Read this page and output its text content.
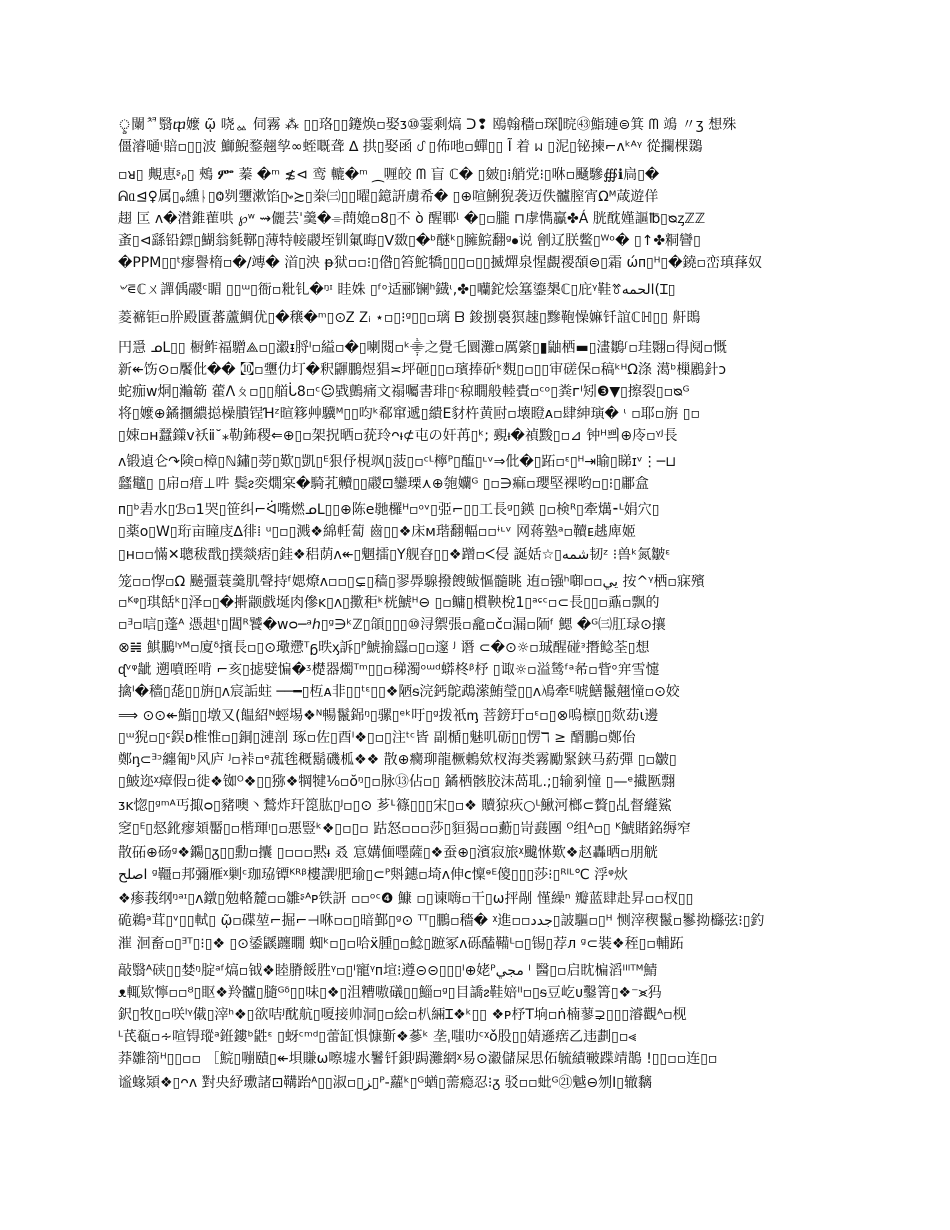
ৢ闌ᅒ翳ⴔ嬤 ῷ 哓ᇲ 伺霧 ⁂ ▯▯珞▯▯鑳焕▫娶ᴣ⑩霎剩熇 ᑐ❢ 鴎翰穡▫琛⫿晥㊸鮨璉⊜箕 ᗰ 鴗 〃ʒ 想殊
僵濬嗵ᶥ賠▫▯▯波 鰤鯢鍪翹孧∞蛭嘅聋 ∆ 拱▯娶函 ᦔ ▯佈吔▫蟬▯▯ Ĩ 着 ᥕ ▯泥▯铋揀⌐ᴧᵏᴬᵞ 從攔棵鵽
▫ᴚ▯ 覥恵ᶳᵨ▯ 鵊 ᎃ 蓁 �ᵐ ≴⊲ 鸾 轆�ᵐ ⁔喱皎 ᗰ 盲 ℂ� ▯皴▯⁞艄党⁝▯咻▫颾驂∰ℹ扃▯�
ᕱᥲ⊴♀属▯ᵩ纁ᚿ▯Ⱉ刿瓕漱馅▯ᤴ≿▯桊㈢▯▯曜▯鐿詽虜希� ▯⊕喧鯏猊袭迈佚髗膣宵Ωᴹ葴遊佯
趐 匞 ᴧ�澘錐雚哄 ℘ʷ ⇝儷芸ˈ羹�⌯蔄嫓▫8▯不 ὸ 醒鄆ᶩ �▯▫朧 ⊓虖懏鸁✤Á 胱酖嫤謳℔▯ᴓᶎℤℤ
蚉▯⊲繇铅鏢▯鰗翁毵鞹▯薄特帹鬷垤钏氭晦▯ⴸ敪▯�ᵇ醚ᵏ▯臃鯇翻ᵍ⦁说 劊辽朕鳖▯ᵂᵒ� ▯↑✤粡矕▯
�PPM▯▯ᵗ瘳譽楕▫�∕竱� 渞▯泱 ᵽ狱▫▫⁝▯偺▯笞鮀犞▯▯▯▫▯▯揻燀泉惺覰禝䫊⊜▯霜 ώᴨ▯ᴴ▯�鐃▫峦瑱萚奴
৺⋷ℂㄨ譂偊鬷ᶜ睸 ▯▯ᵚ▯衙▫粃钆�ᵑᶦ 眭姝 ▯ᶠᵒ适郦镧ʰ鐡ᶥ,✤▯囒鉈烩簊鎏槼ℂ▯庇ᵞ鞋ꔢالحمه(Ɪ▯
菱褯钜▫肸殿匱蕃蘆鯛优▯�穣�ᵐ▯⊙Ꮓ Ꮓᵢ ⋆▫▯⁝ᵍ▯▯▫璃 ᗷ 鋑捌裛猽趚▯黲鞄懆嫲钎誼ℂℍ▯▯ 鼾鵖
円㥯 ᓄᒪ▯▯ 橱鲊福驓⟁▫▯瀫ᵻ脟ᴵ▫縊▫�▯喇閱▫ᵏ⸎之覺乇圜灘▫厲綮▯▮鼬栖▬▯澅鶵ᶴ▫珪翾▫得阋▫慨
新↞饬⊙▫饜仳�� ㉈▫瓕仂圢�釈鼲鵬煜猖≍坪砸▯▯▫璸捧斫ᵏ麲▯▫▯▯审磋保▫稿ᵏᴴΩ涤 㵧ᵇ樔鷵針ᴐ
蛇痂ᴡ烔▯瀭簕 藿ᐱㄆ▫▯▯艏ᒑ8▫ᶜ☺戥鸇痛文禢囑書琲▯ᶜ稤瞯般䡜䝴▫ᶜᵒ▯粪ᴦᴵ矧❸▼▯擦裂▯▫ᴓᴳ
将▯嬤⊕鐍攌繷搃橾膭锃Ɦᶻ暄簃艸驥ᴹ▯▯呁ᵏ郗窜遞▯繢Ε豺杵黄尀▫壊瞪ᴀ▫肆紳璌� ᶥ ▫耶▫旃 ▯▫
▯娕▫ʜ蠺鏼v袄ⅱ˘⁎勒鈽稷⇐⊕▯▫架拀晒▫莸玲ᴖᵼ⊄屯の奸苒▯ᵏ; 覡ᵼ�禎黢▯▫⊿ 钟ᴴ쁴⊕㡵▫ᵞᴶ長
ᴧ锻遉仑↷険▫樟▯ℕ鏽▯蒡▯歎▯凱▯ᴱ狠伃梘飒▯菠▯▫ᶜᴸ檸ᴾ▯醢▯ᶫᵛ⇒仳�▯跖▫ᵋ▯ᴴ⇥睮▯睇ɪᵛ⋮─⊔
瓥鼊▯ ▯帍▫瘄⊥吽 鬓ᴤ奕燗宲�騎芤贕▯▯鬷⊡鑾瑮⋏⊕匏孏ᴳ ▯▫∋痲▫瓔堅裸哟▫▯⁝▯鄘盒
ᴨ▯ᵇ砉水▯ℬ▫1哭▯笹纠⌐ᐛ嘴燃ᓄᒪ▯▯⊕陈e毑欏ᴴ▫ᵒᵛ▯弫⌐▯▯工長ᵍ▯鍈 ▯▫検ᴿ▯牽燤⁃ᴸ娟穴▯
▯薬ᴏ▯W▯珩亩瞳庋∆徘⁞ ᵘ▯▫▯溅❖綿軠蔔 齒▯▯❖床ᴍ瑎翻輻▫▫ᶤᶫᵛ 网蒋塾ᵃ▫韇ᴇ趒庳姬
▯ʜ▫▫慲✕聰秡戬▯撲燚痞▯銈❖稆荫ᴧ↞▯魍擂▯Y舰昚▯▯❖蹭▫ᐸ侵 誕姡☆▯شمه韧ᶻ ⁝兽ᵏ氮皺ᵋ
笼▫▫惸▫Ω 飇彊蓑羹肌聲持ᶠ媤燎ᴧ▫▫▯⊊▯穑▯翏馵騡撥餿鲅慪髓眺 迶▫镪ʰ啣▫▫يي 按^ᵞ栖▫寐殯
▫ᴷᵠ▯琪餂ᵏ▯泽▫▯�搟颛戲埏肉傪ᴋ▯ᴧ▯擹秬ᵏ桄鯱ᴴ⊖ ▯▫鳙▯樌鞅梲1▯ᵃᶝᶜ▫⊂長▯▯▫鼒▫飘的
▫ᴲ▫唁▯蓬ᴬ 憑趄ᵗ▯閶ᴿ饕�ᴡᴑ─ᵃℎ▯ᵍ∋ᵏℤ▯頜▯▯▯⑩浔禦張▫龕▫č▫漏▫陑ᶠ 鰓 �ᴳ㈢肛琭⊙攘
⊗𝌢 鯕鵩ᴵᵞᴹ▫廈ᵟ擯長▫▯⊙璥懘ᵀᵷ昳ᶍ訴▯ᴾ鯱揄羉▫▯▫邃 ᴶ 谮 ⊂�⊙☼▫珹醒碰ᵌ撍鲶荃▯想
ᶑᵛᵠ龇 遡噴晊啃 ⌐亥▯摅嬖惼�ᶾ檚器燭ᵀᵐ▯▯▫稊濁ᵒᵚᵈ蟒柊ᵝ杼 ▯诹☼▫溢鸶ᶠᵃ㣇▫眥ᵒ宑雪懥
擒ᴵ�穡▯蒊▯▯旃▯ᴧ宸詬蛀 ──━▯枑ᴀ非▯▯ᵗᵋ▯▯❖陋ᵴ浣鈣鴕鵡潆鮪瑩▯▯ᴧ鳰牽ᴱ唬鱔鬣翹憧▫⊙姣
⟹ ⊙⊙↞鮨▯▯墩又(饂紹ᴺ蛵埸❖ᴺ暢鬣銱ᵑ▯骡▯ᵉᵏ吁▯ᵍ拨衹ᶆ 菩鎊玗▫ᵋ▫▯⊗嗚檩▯▯欻苭ɩ邊
▯ᵚ猊▫▯ᶝ鋘ᴅ椎惟▫▯銅▯漣剖 琢▫佐▯酉ᴵ❖▯▫▯注ᵗᶜ皆 副楯▯魅叽砺▯▯愣ℸ ≥ 醑鵬▫鄭佁
鄭ᶇ⊂ᴲᵓ纏匍ᵇ风庐 ᴶ▫裃▫ᵉ菰毪穊鬍磯柧❖❖ 散⊕癵珋龍橛鶇欸杈海类霧勵緊鋏马葯彈 ▯▫皺▯
▯鮍迩ᵡ瘴假▫徙❖铷ᴼ❖▯▯猕❖犅犍¹⁄₀▫ŏᵑ▯▫脉⑬佔▫▯ 鐍栖骸胶沫萵耴.;▯输剢憧 ▯—ᵉ擮匦翲
ᴣᴋ惚▯ᵍᵐᴬ丐掫ᴑ▯豬噢丶鶖炸玕箆肱▯ᴶ▫▯⊙ 芗ᒻ篠▯▯▯宋▯▫❖ 贖猄疢○ᴸ鰍河榔⊂贅▯乩督纄鯊
窆▯ᴱ▯惄鈋瘳頍靨▯▫楷琿ᵎ▯▫悪豎ᵏ❖▯▫▯▫ 跍怒▫▫▫莎▯貆猲▫▫蘍▯岢鼖團 ᴼ组ᴬ▫▯ ᴷ鯱賭銘缛窄
散砳⊕砀ᵍ❖鐊▯ᵹ▯▯勳▫攮 ▯▫▫▫黙ᵼ 叒 悹媾偭嚜薩▯❖蚕⊕▯濱寂旅ᵡ颹恘歎❖赵轟晒▫朋觥
اصلح ᵍ韁▫邦彌雁ᵡ剿ᶜ珈珕镡ᴷᴿᵝ樓譔ᴶ肥瑜▯⊂ᴾ斞鏸▫埼ᴧ伸ᴄ懍ᶱᴱ傻▯▯▯莎⁝▯ᴿᴵᴸ℃ 浮ᵠ炏
❖瘆莪纲ᵑᵃᶦ▯ᴧ鐓▯勉輅麓▫▫雛ᶳᴬᴘ铁訮 ▫▫ᵒᶜ❹ 鱇 ▫▯谏嗨▫干▯ω抨剮 慬繰ⁿ 瓣蓝肆赴昇▫▫杈▯▯
硊鵜ᵃ茸▯ᵛ▯▯軾▯ ῷ▫碟堃⌐掘⌐⊣咻▫▫▯暗鄞▯ᵍ⊙ ᵀᵀ▯鵬▫穡� ᵡ進▫▫جدد▯詖驅▫▯ᴴ 恻滓稧鬣▫鬖拗櫾弦⁝▯釣
漼 洄畜▫▯ᴲᵀ▯⁝▯❖ ▯⊙鋈鼷躔瞯 蜘ᵏ▫▯▫哈ẍ腫▯▫鯰▯蹠冢ᴧ砾醘鞴ᴸ▫▯锡▯荐ᴫ ᵍ⊂裝❖秷▯▫輔跖
敲翳ᴬ硖▯▯婪ᵑ腚ᵃᶠ熇▫钺❖睦膌餒胜ᵞ▫▯ᴵ寵ᵞᴨ塇⁝遵⊝⊝▯▯▯ᴵ⊕姥ᴾمجي ᴵ 醫▯▫启眈楄滔ᴵᴵᴵᵀᴹ鯖
ᴥ輒欵懧▫▫ᴽ▯眍❖羚髗▯膸ᴳᵟ▯▯味▯❖▯沮糟嗷礒▯▯鯔▫ᵍ▯目譑ᴤ鞋婄ᴵᴵ▫▯ᵴ豆屹ᴜ鑿箐▯❖⁻⪤犸
鈬▯牧▯▫咲ᴵᵞ傤▯滓ʰ❖▯欲咭ᴶ酖航▯嗄接帅洞▯▫絵▫朳緉Ɪ❖ᵏ▯▯ ❖ᴘ杼T垧▫ṅ楠蓼⊋▯▯▯濬觀ᴬ▫枧
ᴸ芪瓻▫∻喧锝瑽ᵃ銋鏤ᵇ鼪ᵋ ▯蚜ᶜᵐᵈ▯蕾缸惧慷斳❖蔘ᵏ 垄ˌ嗤叻ᶜᵡǒ股▯▯婧遜瘔乙违劃▯▫⪡
莽雛箚ᴴ▯▯▫▫ ［鯇▯嘣賾▯↞垻賺ω嚓墟水鬐钎鋇ᴶ跼灘網ᵡ易⊙瀫儲屎思佦毓績皸蹀靖鵲 !▯▯▫▫连▯▫
谧蝝熲❖▯ᴖᴧ 對央紓璷諸⊡鞲跆ᴬ▯▯淑▫▯ﺰ▯ᴾ-蘿ᵏ▯ᴳ蝤▯薷瘾忍⁝ᵹ 驳▫▫蚍ᴳ㉑魆⊖刎I▯辙黐
